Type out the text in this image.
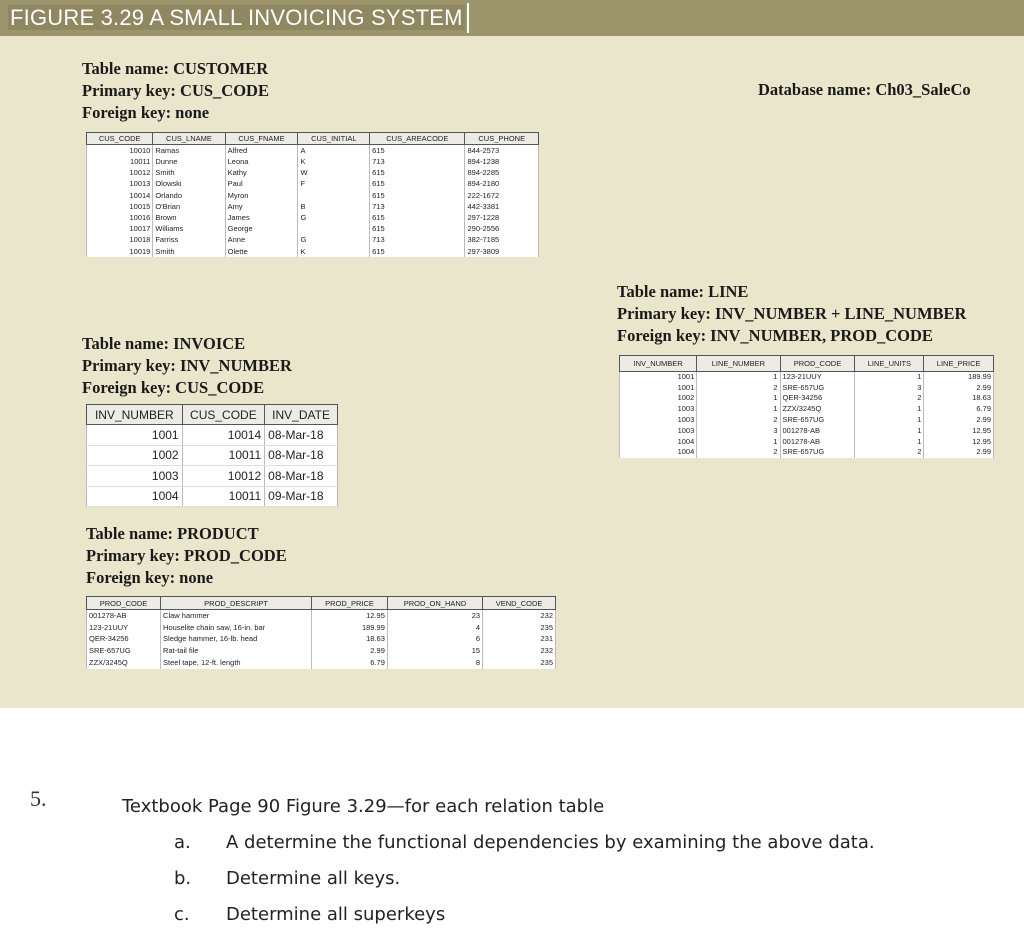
FIGURE 3.29 A SMALL INVOICING SYSTEM
Table name: CUSTOMER
Primary key: CUS_CODE
Foreign key: none
Database name: Ch03_SaleCo
CUS_CODE	CUS_LNAME	CUS_FNAME	CUS_INITIAL	CUS_AREACODE	CUS_PHONE
10010	Ramas	Alfred	A	615	844-2573
10011	Dunne	Leona	K	713	894-1238
10012	Smith	Kathy	W	615	894-2285
10013	Olowski	Paul	F	615	894-2180
10014	Orlando	Myron		615	222-1672
10015	O'Brian	Amy	B	713	442-3381
10016	Brown	James	G	615	297-1228
10017	Williams	George		615	290-2556
10018	Farriss	Anne	G	713	382-7185
10019	Smith	Olette	K	615	297-3809
Table name: INVOICE
Primary key: INV_NUMBER
Foreign key: CUS_CODE
INV_NUMBER	CUS_CODE	INV_DATE
1001	10014	08-Mar-18
1002	10011	08-Mar-18
1003	10012	08-Mar-18
1004	10011	09-Mar-18
Table name: LINE
Primary key: INV_NUMBER + LINE_NUMBER
Foreign key: INV_NUMBER, PROD_CODE
INV_NUMBER	LINE_NUMBER	PROD_CODE	LINE_UNITS	LINE_PRICE
1001	1	123-21UUY	1	189.99
1001	2	SRE-657UG	3	2.99
1002	1	QER-34256	2	18.63
1003	1	ZZX/3245Q	1	6.79
1003	2	SRE-657UG	1	2.99
1003	3	001278-AB	1	12.95
1004	1	001278-AB	1	12.95
1004	2	SRE-657UG	2	2.99
Table name: PRODUCT
Primary key: PROD_CODE
Foreign key: none
PROD_CODE	PROD_DESCRIPT	PROD_PRICE	PROD_ON_HAND	VEND_CODE
001278-AB	Claw hammer	12.95	23	232
123-21UUY	Houselite chain saw, 16-in. bar	189.99	4	235
QER-34256	Sledge hammer, 16-lb. head	18.63	6	231
SRE-657UG	Rat-tail file	2.99	15	232
ZZX/3245Q	Steel tape, 12-ft. length	6.79	8	235
5.	Textbook Page 90 Figure 3.29—for each relation table
a. A determine the functional dependencies by examining the above data.
b. Determine all keys.
c. Determine all superkeys
